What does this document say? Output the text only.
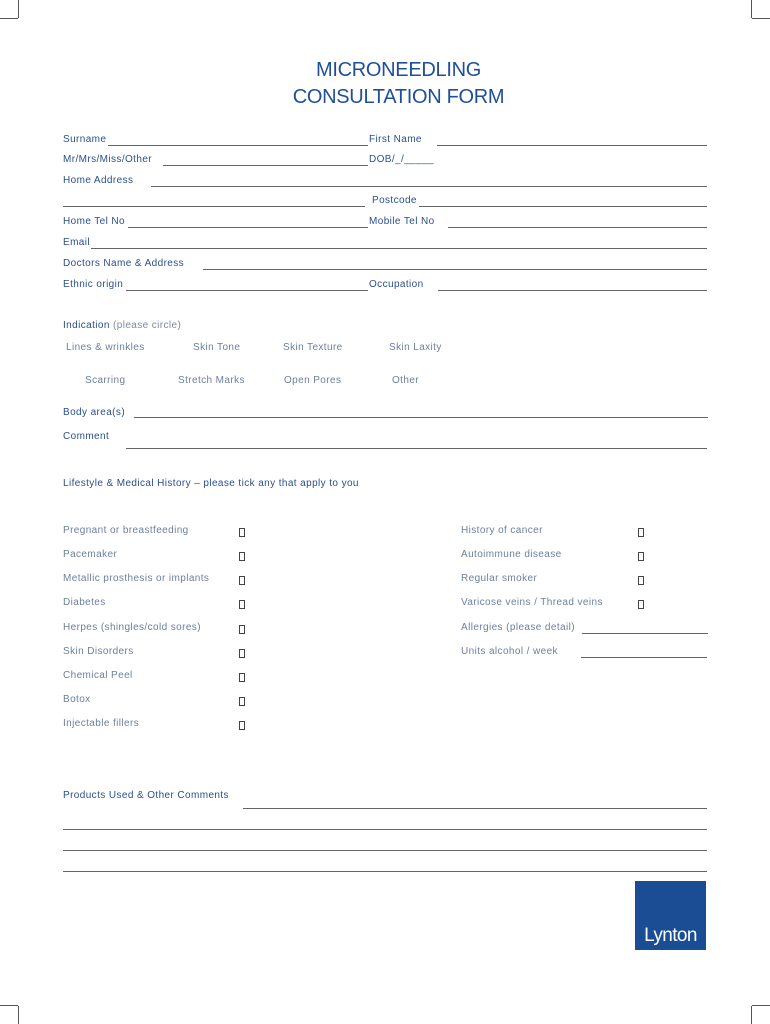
MICRONEEDLING
CONSULTATION FORM
Surname	First Name
Mr/Mrs/Miss/Other	DOB/_/_____
Home Address
Postcode
Home Tel No	Mobile Tel No
Email
Doctors Name & Address
Ethnic origin	Occupation
Indication (please circle)
Lines & wrinkles	Skin Tone	Skin Texture	Skin Laxity
Scarring	Stretch Marks	Open Pores	Other
Body area(s)
Comment
Lifestyle & Medical History – please tick any that apply to you
Pregnant or breastfeeding
Pacemaker
Metallic prosthesis or implants
Diabetes
Herpes (shingles/cold sores)
Skin Disorders
Chemical Peel
Botox
Injectable fillers
History of cancer
Autoimmune disease
Regular smoker
Varicose veins / Thread veins
Allergies (please detail)
Units alcohol / week
Products Used & Other Comments
Lynton
